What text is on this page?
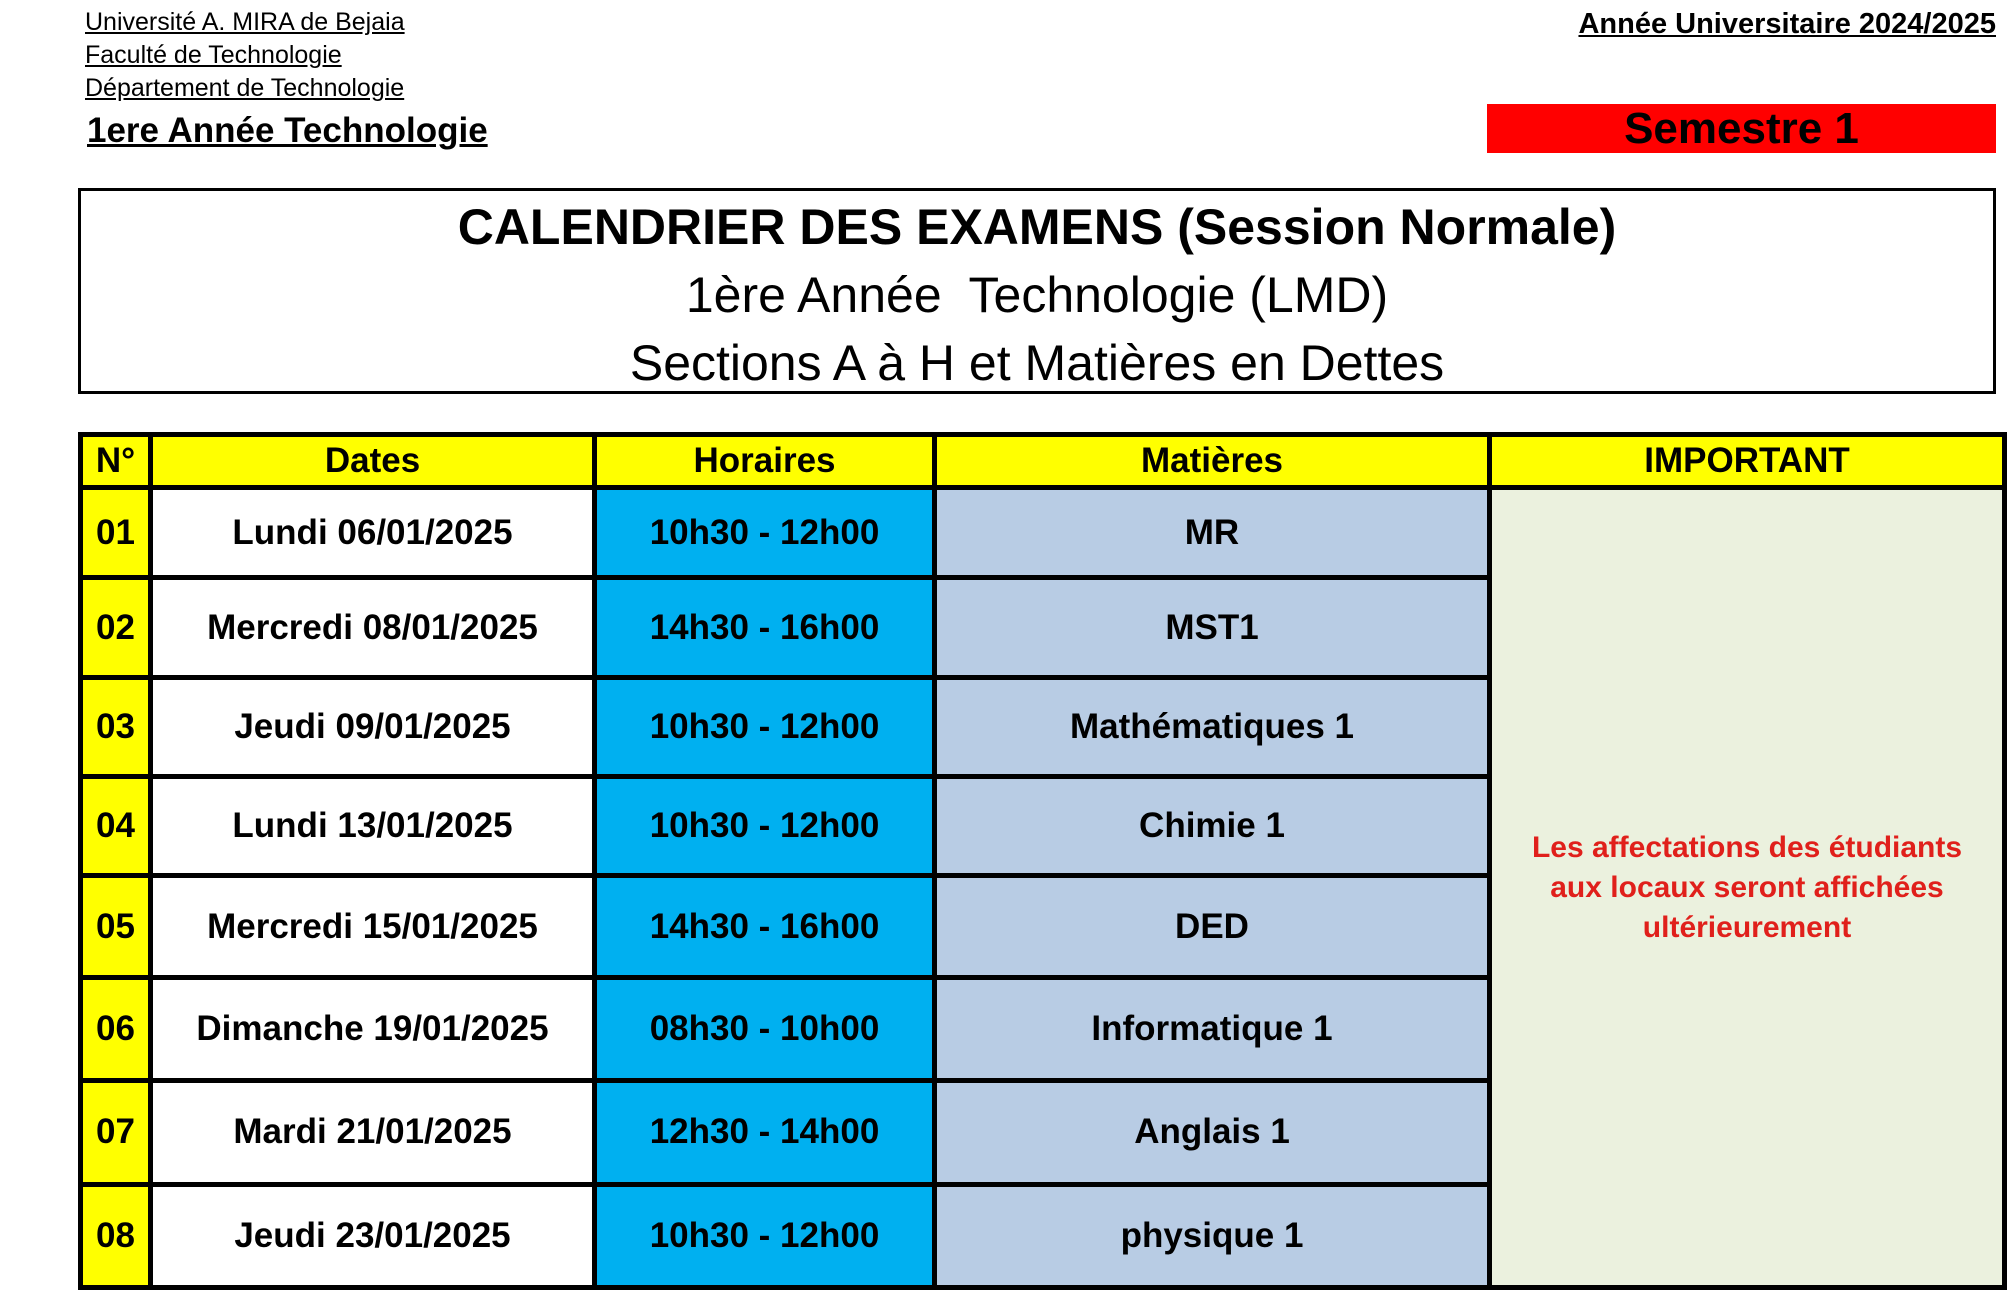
Université A. MIRA de Bejaia
Faculté de Technologie
Département de Technologie
1ere Année Technologie
Année Universitaire 2024/2025
Semestre 1
CALENDRIER DES EXAMENS (Session Normale)
1ère Année  Technologie (LMD)
Sections A à H et Matières en Dettes
N°	Dates	Horaires	Matières	IMPORTANT
01	Lundi 06/01/2025	10h30 - 12h00	MR	Les affectations des étudiants aux locaux seront affichées ultérieurement

02	Mercredi 08/01/2025	14h30 - 16h00	MST1	
03	Jeudi 09/01/2025	10h30 - 12h00	Mathématiques 1	
04	Lundi 13/01/2025	10h30 - 12h00	Chimie 1	
05	Mercredi 15/01/2025	14h30 - 16h00	DED	
06	Dimanche 19/01/2025	08h30 - 10h00	Informatique 1	
07	Mardi 21/01/2025	12h30 - 14h00	Anglais 1	
08	Jeudi 23/01/2025	10h30 - 12h00	physique 1	
